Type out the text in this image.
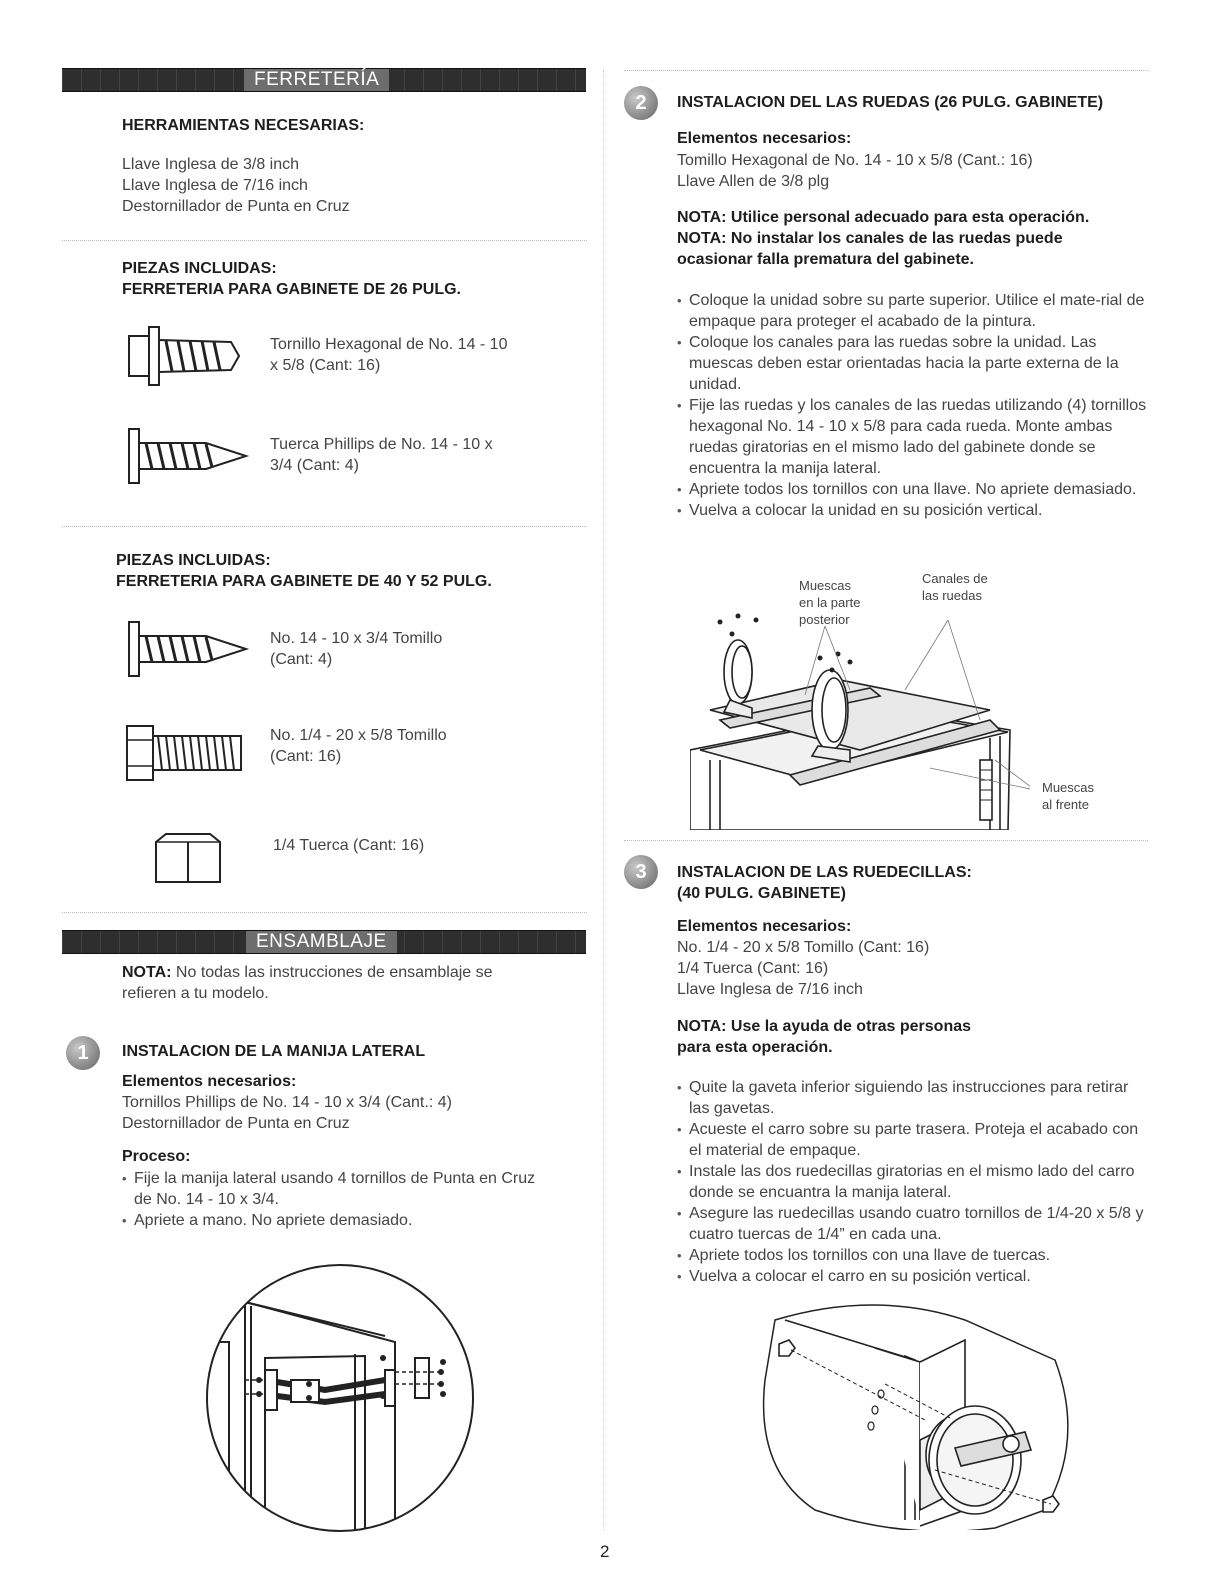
FERRETERÍA
HERRAMIENTAS NECESARIAS:
Llave Inglesa de 3/8 inch
Llave Inglesa de 7/16 inch
Destornillador de Punta en Cruz
PIEZAS INCLUIDAS:
FERRETERIA PARA GABINETE DE 26 PULG.
Tornillo Hexagonal de No. 14 - 10
x 5/8 (Cant: 16)
Tuerca Phillips de No. 14 - 10 x
3/4 (Cant: 4)
PIEZAS INCLUIDAS:
FERRETERIA PARA GABINETE DE 40 Y 52 PULG.
No. 14 - 10 x 3/4 Tomillo
(Cant: 4)
No. 1/4 - 20 x 5/8 Tomillo
(Cant: 16)
1/4 Tuerca (Cant: 16)
ENSAMBLAJE
NOTA: No todas las instrucciones de ensamblaje se
refieren a tu modelo.
1	INSTALACION DE LA MANIJA LATERAL
Elementos necesarios:
Tornillos Phillips de No. 14 - 10 x 3/4 (Cant.: 4)
Destornillador de Punta en Cruz
Proceso:
• Fije la manija lateral usando 4 tornillos de Punta en Cruz de No. 14 - 10 x 3/4.
• Apriete a mano. No apriete demasiado.
2	INSTALACION DEL LAS RUEDAS (26 PULG. GABINETE)
Elementos necesarios:
Tomillo Hexagonal de No. 14 - 10 x 5/8 (Cant.: 16)
Llave Allen de 3/8 plg
NOTA: Utilice personal adecuado para esta operación.
NOTA: No instalar los canales de las ruedas puede
ocasionar falla prematura del gabinete.
• Coloque la unidad sobre su parte superior. Utilice el mate-rial de empaque para proteger el acabado de la pintura.
• Coloque los canales para las ruedas sobre la unidad. Las muescas deben estar orientadas hacia la parte externa de la unidad.
• Fije las ruedas y los canales de las ruedas utilizando (4) tornillos hexagonal No. 14 - 10 x 5/8 para cada rueda. Monte ambas ruedas giratorias en el mismo lado del gabinete donde se encuentra la manija lateral.
• Apriete todos los tornillos con una llave. No apriete demasiado.
• Vuelva a colocar la unidad en su posición vertical.
Muescas
en la parte
posterior
Canales de
las ruedas
Muescas
al frente
3	INSTALACION DE LAS RUEDECILLAS:
(40 PULG. GABINETE)
Elementos necesarios:
No. 1/4 - 20 x 5/8 Tomillo (Cant: 16)
1/4 Tuerca (Cant: 16)
Llave Inglesa de 7/16 inch
NOTA: Use la ayuda de otras personas
para esta operación.
• Quite la gaveta inferior siguiendo las instrucciones para retirar las gavetas.
• Acueste el carro sobre su parte trasera. Proteja el acabado con el material de empaque.
• Instale las dos ruedecillas giratorias en el mismo lado del carro donde se encuantra la manija lateral.
• Asegure las ruedecillas usando cuatro tornillos de 1/4-20 x 5/8 y cuatro tuercas de 1/4” en cada una.
• Apriete todos los tornillos con una llave de tuercas.
• Vuelva a colocar el carro en su posición vertical.
2
